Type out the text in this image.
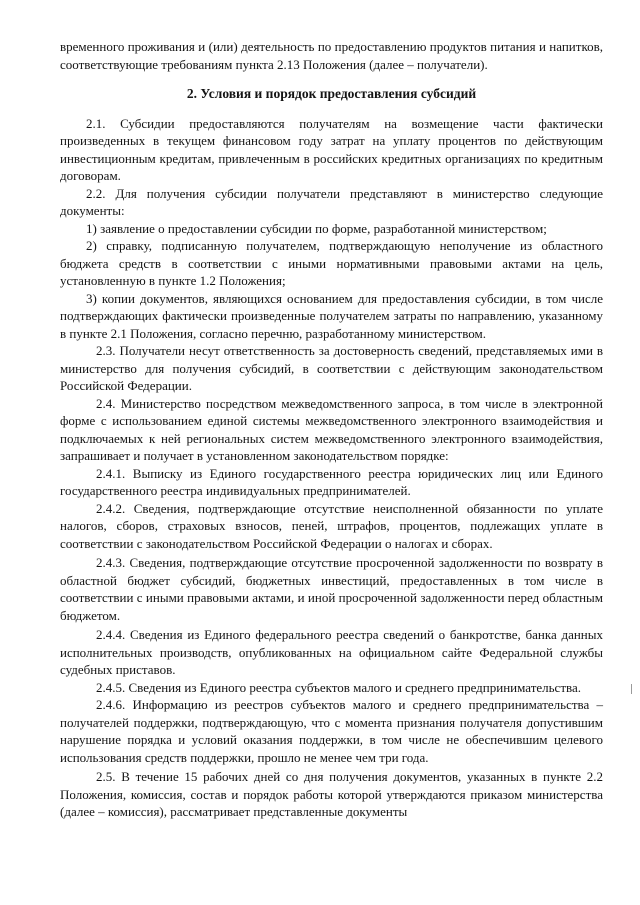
временного проживания и (или) деятельность по предоставлению продуктов питания и напитков, соответствующие требованиям пункта 2.13 Положения (далее – получатели).

2. Условия и порядок предоставления субсидий

2.1. Субсидии предоставляются получателям на возмещение части фактически произведенных в текущем финансовом году затрат на уплату процентов по действующим инвестиционным кредитам, привлеченным в российских кредитных организациях по кредитным договорам.

2.2. Для получения субсидии получатели представляют в министерство следующие документы:

1) заявление о предоставлении субсидии по форме, разработанной министерством;

2) справку, подписанную получателем, подтверждающую неполучение из областного бюджета средств в соответствии с иными нормативными правовыми актами на цель, установленную в пункте 1.2 Положения;

3) копии документов, являющихся основанием для предоставления субсидии, в том числе подтверждающих фактически произведенные получателем затраты по направлению, указанному в пункте 2.1 Положения, согласно перечню, разработанному министерством.

2.3. Получатели несут ответственность за достоверность сведений, представляемых ими в министерство для получения субсидий, в соответствии с действующим законодательством Российской Федерации.

2.4. Министерство посредством межведомственного запроса, в том числе в электронной форме с использованием единой системы межведомственного электронного взаимодействия и подключаемых к ней региональных систем межведомственного электронного взаимодействия, запрашивает и получает в установленном законодательством порядке:

2.4.1. Выписку из Единого государственного реестра юридических лиц или Единого государственного реестра индивидуальных предпринимателей.

2.4.2. Сведения, подтверждающие отсутствие неисполненной обязанности по уплате налогов, сборов, страховых взносов, пеней, штрафов, процентов, подлежащих уплате в соответствии с законодательством Российской Федерации о налогах и сборах.

2.4.3. Сведения, подтверждающие отсутствие просроченной задолженности по возврату в областной бюджет субсидий, бюджетных инвестиций, предоставленных в том числе в соответствии с иными правовыми актами, и иной просроченной задолженности перед областным бюджетом.

2.4.4. Сведения из Единого федерального реестра сведений о банкротстве, банка данных исполнительных производств, опубликованных на официальном сайте Федеральной службы судебных приставов.

2.4.5. Сведения из Единого реестра субъектов малого и среднего предпринимательства.

2.4.6. Информацию из реестров субъектов малого и среднего предпринимательства – получателей поддержки, подтверждающую, что с момента признания получателя допустившим нарушение порядка и условий оказания поддержки, в том числе не обеспечившим целевого использования средств поддержки, прошло не менее чем три года.

2.5. В течение 15 рабочих дней со дня получения документов, указанных в пункте 2.2 Положения, комиссия, состав и порядок работы которой утверждаются приказом министерства (далее – комиссия), рассматривает представленные документы
